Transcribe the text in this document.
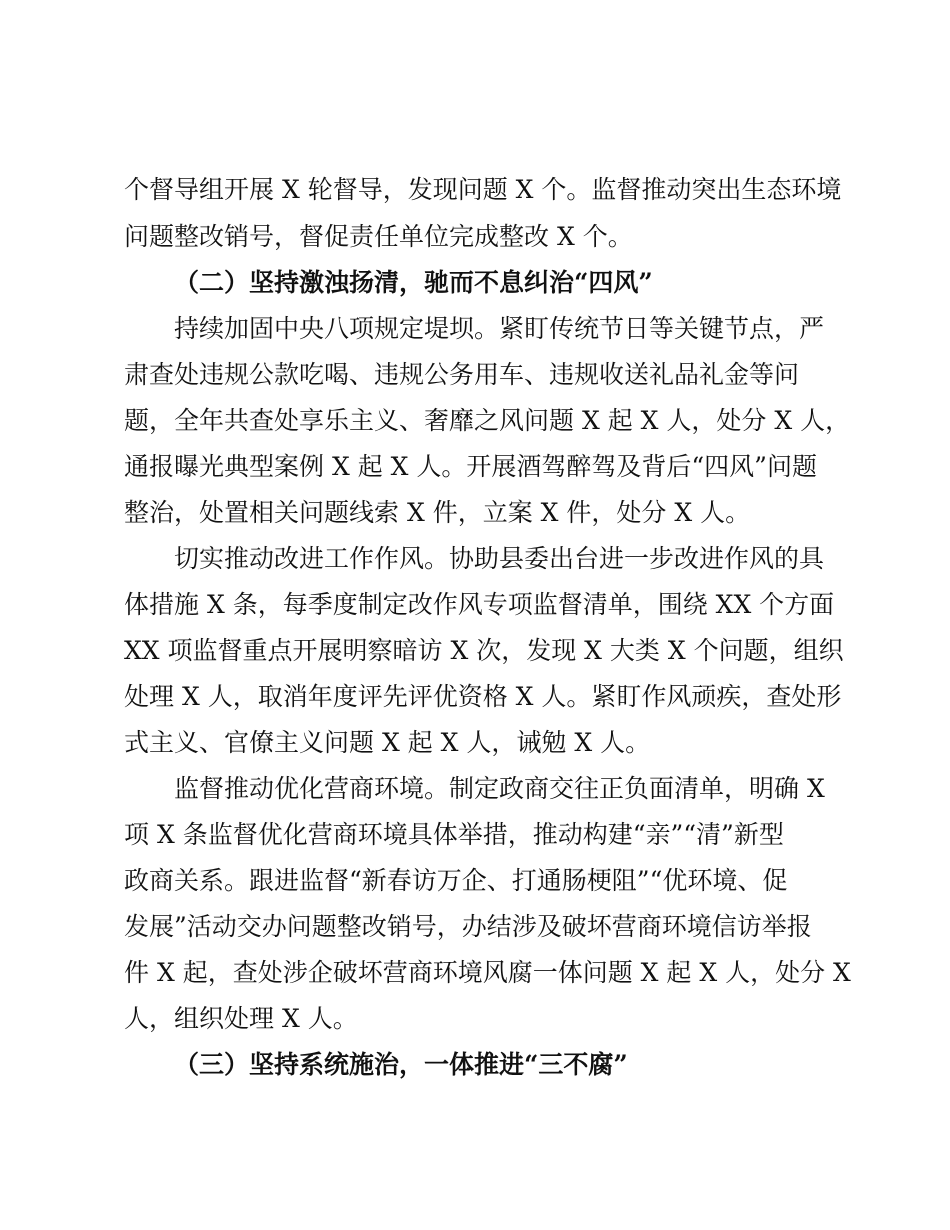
个督导组开展 X 轮督导，发现问题 X 个。监督推动突出生态环境
问题整改销号，督促责任单位完成整改 X 个。
（二）坚持激浊扬清，驰而不息纠治“四风”
持续加固中央八项规定堤坝。紧盯传统节日等关键节点，严
肃查处违规公款吃喝、违规公务用车、违规收送礼品礼金等问
题，全年共查处享乐主义、奢靡之风问题 X 起 X 人，处分 X 人，
通报曝光典型案例 X 起 X 人。开展酒驾醉驾及背后“四风”问题
整治，处置相关问题线索 X 件，立案 X 件，处分 X 人。
切实推动改进工作作风。协助县委出台进一步改进作风的具
体措施 X 条，每季度制定改作风专项监督清单，围绕 XX 个方面
XX 项监督重点开展明察暗访 X 次，发现 X 大类 X 个问题，组织
处理 X 人，取消年度评先评优资格 X 人。紧盯作风顽疾，查处形
式主义、官僚主义问题 X 起 X 人，诫勉 X 人。
监督推动优化营商环境。制定政商交往正负面清单，明确 X
项 X 条监督优化营商环境具体举措，推动构建“亲”“清”新型
政商关系。跟进监督“新春访万企、打通肠梗阻”“优环境、促
发展”活动交办问题整改销号，办结涉及破坏营商环境信访举报
件 X 起，查处涉企破坏营商环境风腐一体问题 X 起 X 人，处分 X
人，组织处理 X 人。
（三）坚持系统施治，一体推进“三不腐”
